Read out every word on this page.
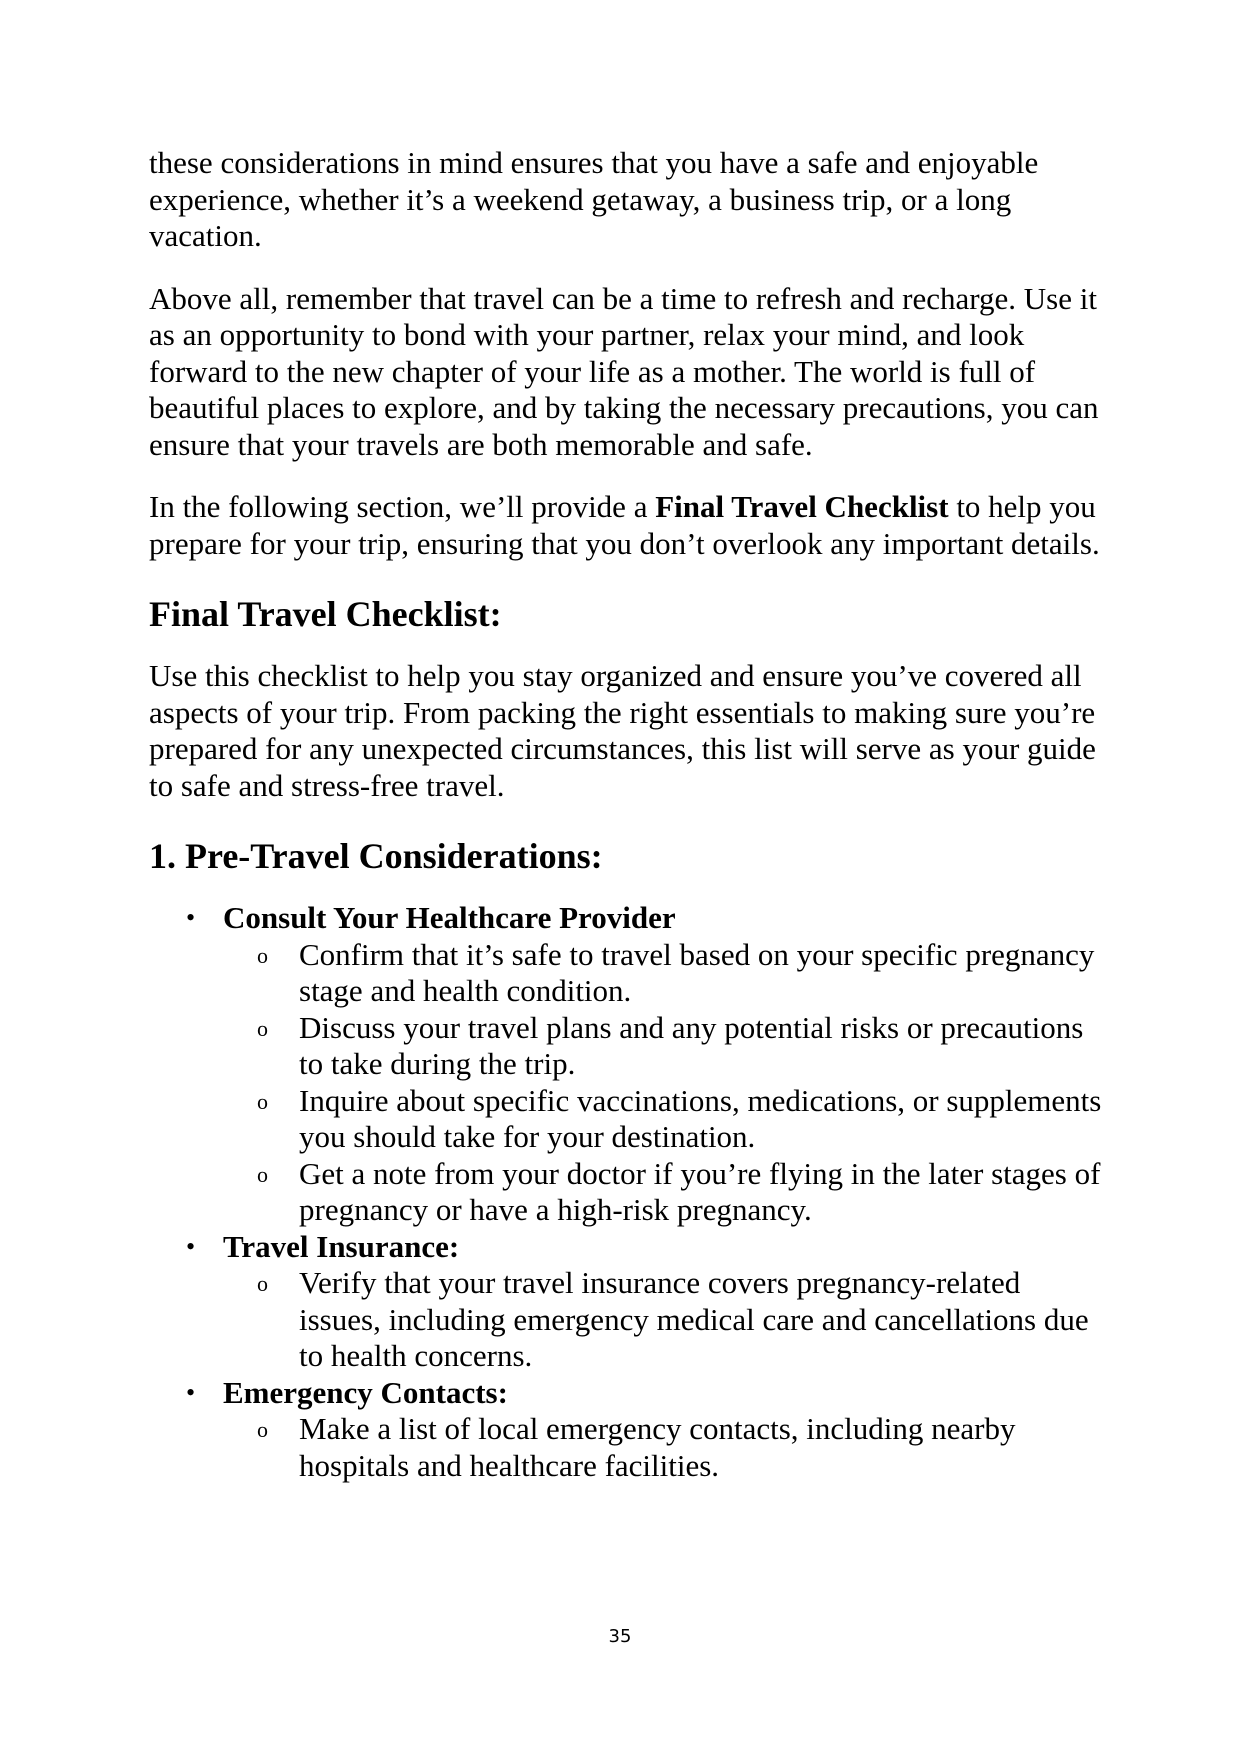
these considerations in mind ensures that you have a safe and enjoyable experience, whether it’s a weekend getaway, a business trip, or a long vacation.

Above all, remember that travel can be a time to refresh and recharge. Use it as an opportunity to bond with your partner, relax your mind, and look forward to the new chapter of your life as a mother. The world is full of beautiful places to explore, and by taking the necessary precautions, you can ensure that your travels are both memorable and safe.

In the following section, we’ll provide a Final Travel Checklist to help you prepare for your trip, ensuring that you don’t overlook any important details.

Final Travel Checklist:

Use this checklist to help you stay organized and ensure you’ve covered all aspects of your trip. From packing the right essentials to making sure you’re prepared for any unexpected circumstances, this list will serve as your guide to safe and stress-free travel.

1. Pre-Travel Considerations:
• Consult Your Healthcare Provider
o Confirm that it’s safe to travel based on your specific pregnancy stage and health condition.
o Discuss your travel plans and any potential risks or precautions to take during the trip.
o Inquire about specific vaccinations, medications, or supplements you should take for your destination.
o Get a note from your doctor if you’re flying in the later stages of pregnancy or have a high-risk pregnancy.
• Travel Insurance:
o Verify that your travel insurance covers pregnancy-related issues, including emergency medical care and cancellations due to health concerns.
• Emergency Contacts:
o Make a list of local emergency contacts, including nearby hospitals and healthcare facilities.
35
